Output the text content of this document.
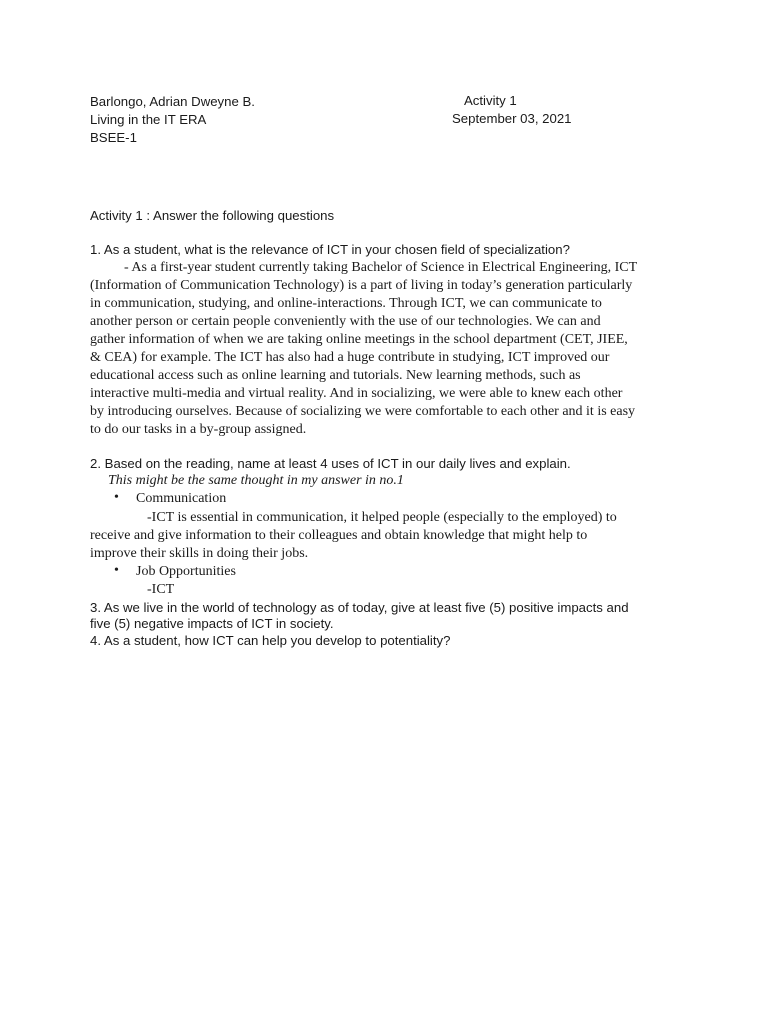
Barlongo, Adrian Dweyne B.
Living in the IT ERA
BSEE-1
Activity 1
September 03, 2021
Activity 1 : Answer the following questions
1. As a student, what is the relevance of ICT in your chosen field of specialization?
- As a first-year student currently taking Bachelor of Science in Electrical Engineering, ICT
(Information of Communication Technology) is a part of living in today’s generation particularly
in communication, studying, and online-interactions. Through ICT, we can communicate to
another person or certain people conveniently with the use of our technologies. We can and
gather information of when we are taking online meetings in the school department (CET, JIEE,
& CEA) for example. The ICT has also had a huge contribute in studying, ICT improved our
educational access such as online learning and tutorials. New learning methods, such as
interactive multi-media and virtual reality. And in socializing, we were able to knew each other
by introducing ourselves. Because of socializing we were comfortable to each other and it is easy
to do our tasks in a by-group assigned.
2. Based on the reading, name at least 4 uses of ICT in our daily lives and explain.
This might be the same thought in my answer in no.1
• Communication
-ICT is essential in communication, it helped people (especially to the employed) to
receive and give information to their colleagues and obtain knowledge that might help to
improve their skills in doing their jobs.
• Job Opportunities
-ICT
3. As we live in the world of technology as of today, give at least five (5) positive impacts and
five (5) negative impacts of ICT in society.
4. As a student, how ICT can help you develop to potentiality?
